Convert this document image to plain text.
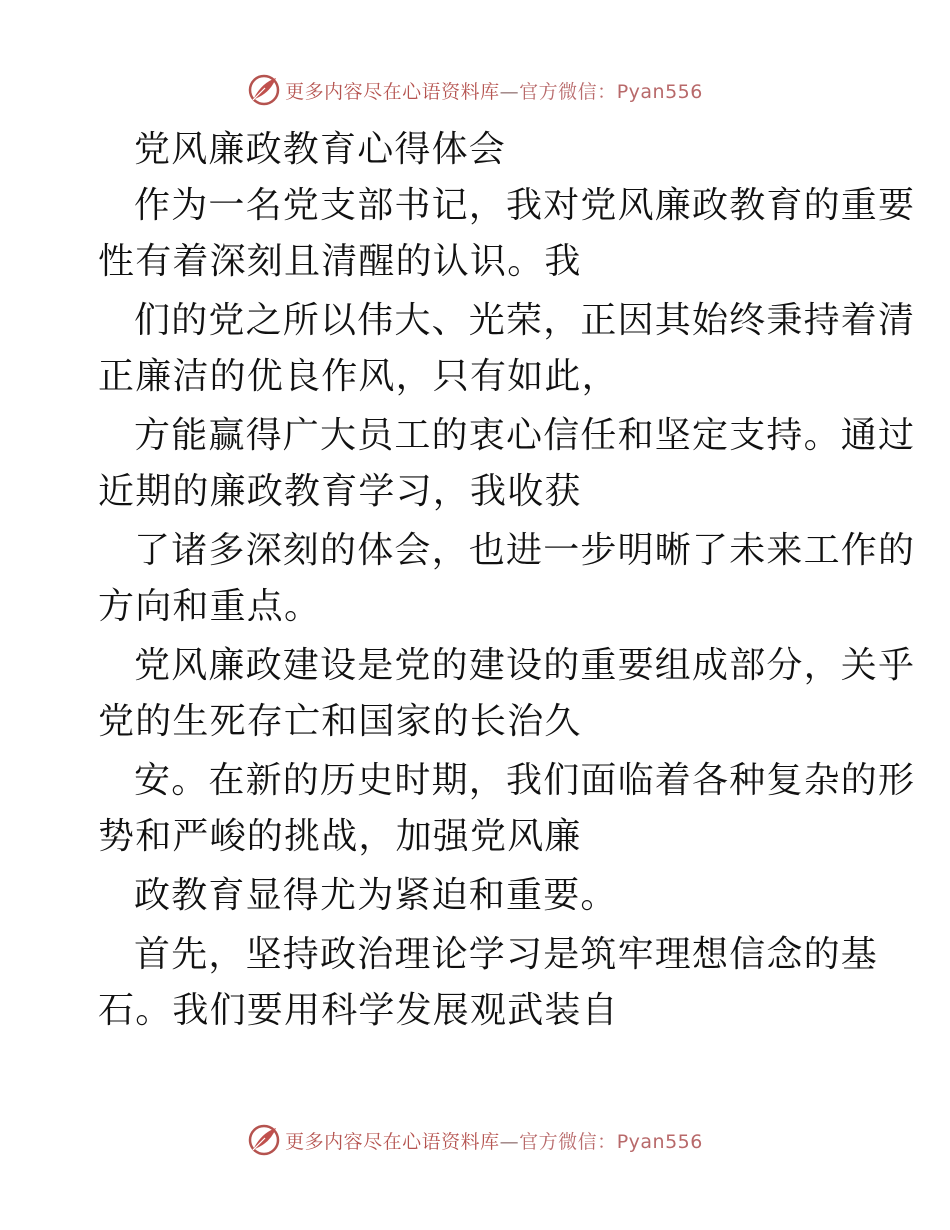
更多内容尽在心语资料库—官方微信：Pyan556
党风廉政教育心得体会
作为一名党支部书记，我对党风廉政教育的重要
性有着深刻且清醒的认识。我
们的党之所以伟大、光荣，正因其始终秉持着清
正廉洁的优良作风，只有如此，
方能赢得广大员工的衷心信任和坚定支持。通过
近期的廉政教育学习，我收获
了诸多深刻的体会，也进一步明晰了未来工作的
方向和重点。
党风廉政建设是党的建设的重要组成部分，关乎
党的生死存亡和国家的长治久
安。在新的历史时期，我们面临着各种复杂的形
势和严峻的挑战，加强党风廉
政教育显得尤为紧迫和重要。
首先，坚持政治理论学习是筑牢理想信念的基
石。我们要用科学发展观武装自
更多内容尽在心语资料库—官方微信：Pyan556
